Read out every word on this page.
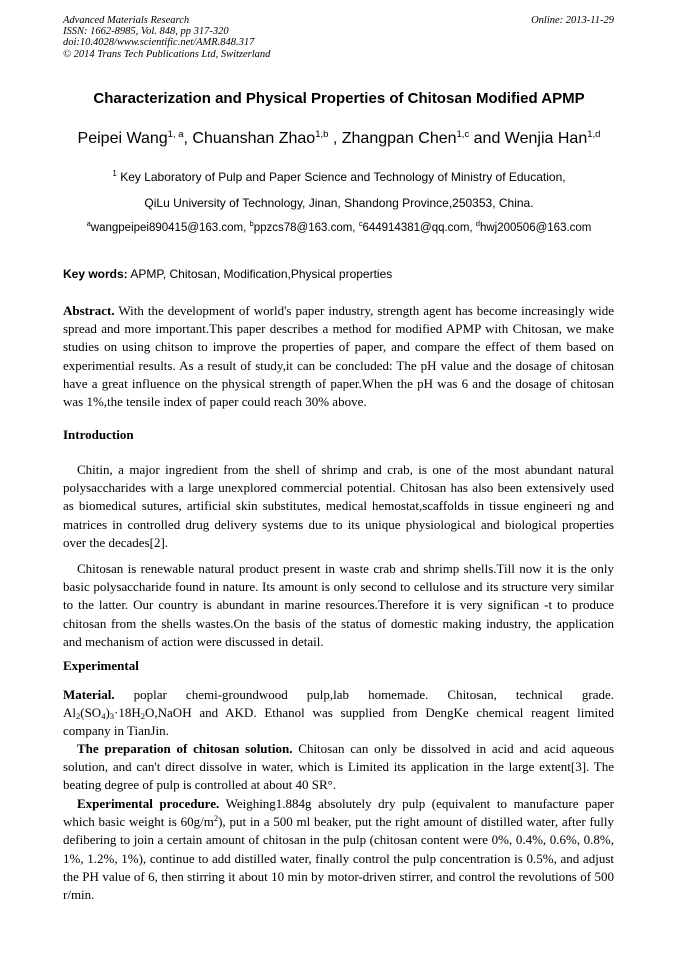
Advanced Materials Research
ISSN: 1662-8985, Vol. 848, pp 317-320
doi:10.4028/www.scientific.net/AMR.848.317
© 2014 Trans Tech Publications Ltd, Switzerland
Online: 2013-11-29
Characterization and Physical Properties of Chitosan Modified APMP
Peipei Wang$^{1, a}$, Chuanshan Zhao$^{1,b}$ , Zhangpan Chen$^{1,c}$ and Wenjia Han$^{1,d}$
$^1$ Key Laboratory of Pulp and Paper Science and Technology of Ministry of Education,
QiLu University of Technology, Jinan, Shandong Province,250353, China.
$^a$wangpeipei890415@163.com, $^b$ppzcs78@163.com, $^c$644914381@qq.com, $^d$hwj200506@163.com
Key words: APMP, Chitosan, Modification,Physical properties

Abstract. With the development of world's paper industry, strength agent has become increasingly wide spread and more important.This paper describes a method for modified APMP with Chitosan, we make studies on using chitson to improve the properties of paper, and compare the effect of them based on experimential results. As a result of study,it can be concluded: The pH value and the dosage of chitosan have a great influence on the physical strength of paper.When the pH was 6 and the dosage of chitosan was 1%,the tensile index of paper could reach 30% above.

Introduction

Chitin, a major ingredient from the shell of shrimp and crab, is one of the most abundant natural polysaccharides with a large unexplored commercial potential. Chitosan has also been extensively used as biomedical sutures, artificial skin substitutes, medical hemostat,scaffolds in tissue engineeri ng and matrices in controlled drug delivery systems due to its unique physiological and biological properties over the decades[2].

Chitosan is renewable natural product present in waste crab and shrimp shells.Till now it is the only basic polysaccharide found in nature. Its amount is only second to cellulose and its structure very similar to the latter. Our country is abundant in marine resources.Therefore it is very significan -t to produce chitosan from the shells wastes.On the basis of the status of domestic making industry, the application and mechanism of action were discussed in detail.

Experimental

Material. poplar chemi-groundwood pulp,lab homemade. Chitosan, technical grade. $Al_2(SO_4)_3\cdot 18H_2O,NaOH$ and AKD. Ethanol was supplied from DengKe chemical reagent limited company in TianJin.

The preparation of chitosan solution. Chitosan can only be dissolved in acid and acid aqueous solution, and can't direct dissolve in water, which is Limited its application in the large extent[3]. The beating degree of pulp is controlled at about 40 SR°.

Experimental procedure. Weighing1.884g absolutely dry pulp (equivalent to manufacture paper which basic weight is $60g/m^2$), put in a 500 ml beaker, put the right amount of distilled water, after fully defibering to join a certain amount of chitosan in the pulp (chitosan content were 0%, 0.4%, 0.6%, 0.8%, 1%, 1.2%, 1%), continue to add distilled water, finally control the pulp concentration is 0.5%, and adjust the PH value of 6, then stirring it about 10 min by motor-driven stirrer, and control the revolutions of 500 r/min.
